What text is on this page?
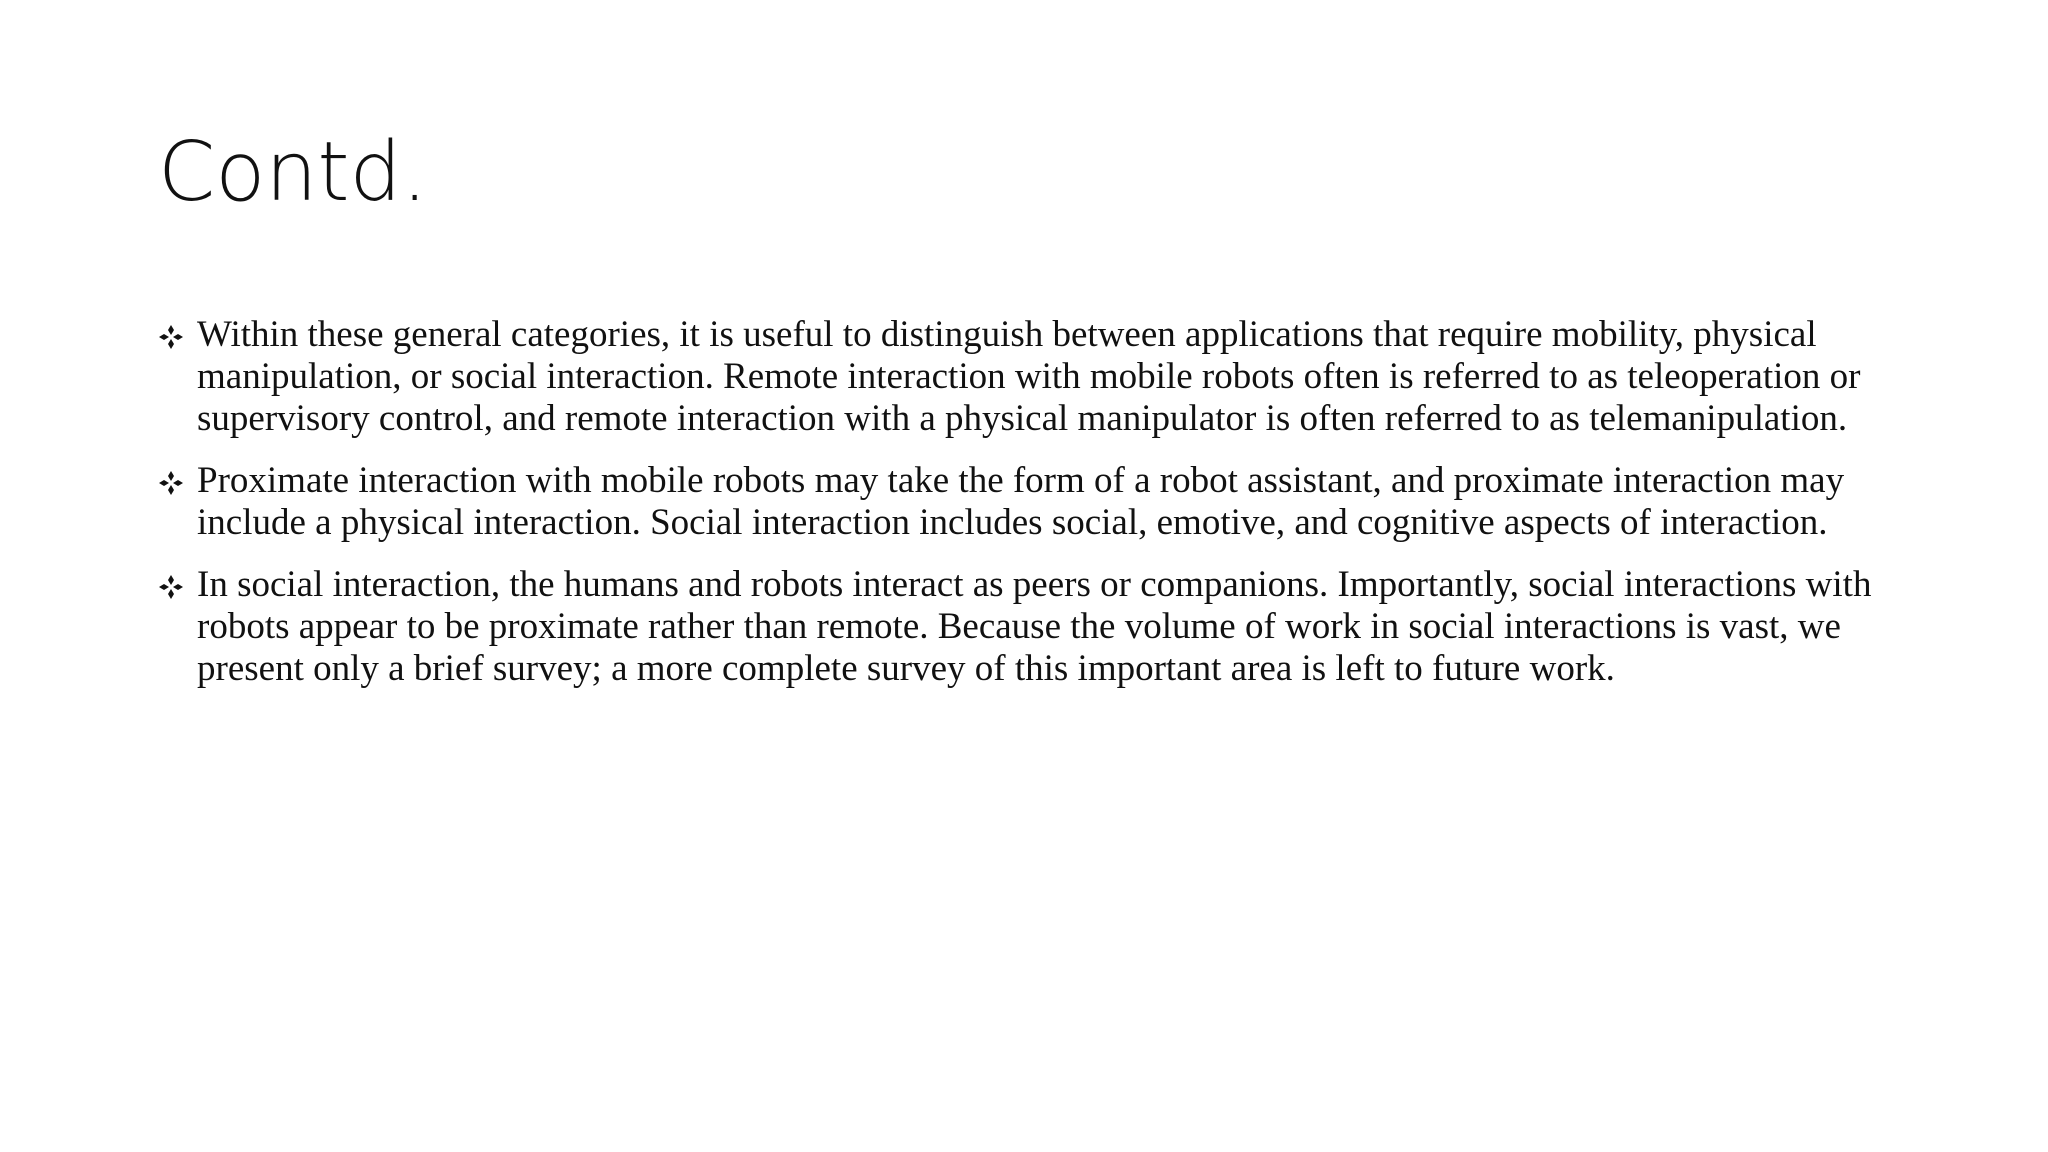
Contd.
Within these general categories, it is useful to distinguish between applications that require mobility, physical manipulation, or social interaction. Remote interaction with mobile robots often is referred to as teleoperation or supervisory control, and remote interaction with a physical manipulator is often referred to as telemanipulation.
Proximate interaction with mobile robots may take the form of a robot assistant, and proximate interaction may include a physical interaction. Social interaction includes social, emotive, and cognitive aspects of interaction.
In social interaction, the humans and robots interact as peers or companions. Importantly, social interactions with robots appear to be proximate rather than remote. Because the volume of work in social interactions is vast, we present only a brief survey; a more complete survey of this important area is left to future work.
